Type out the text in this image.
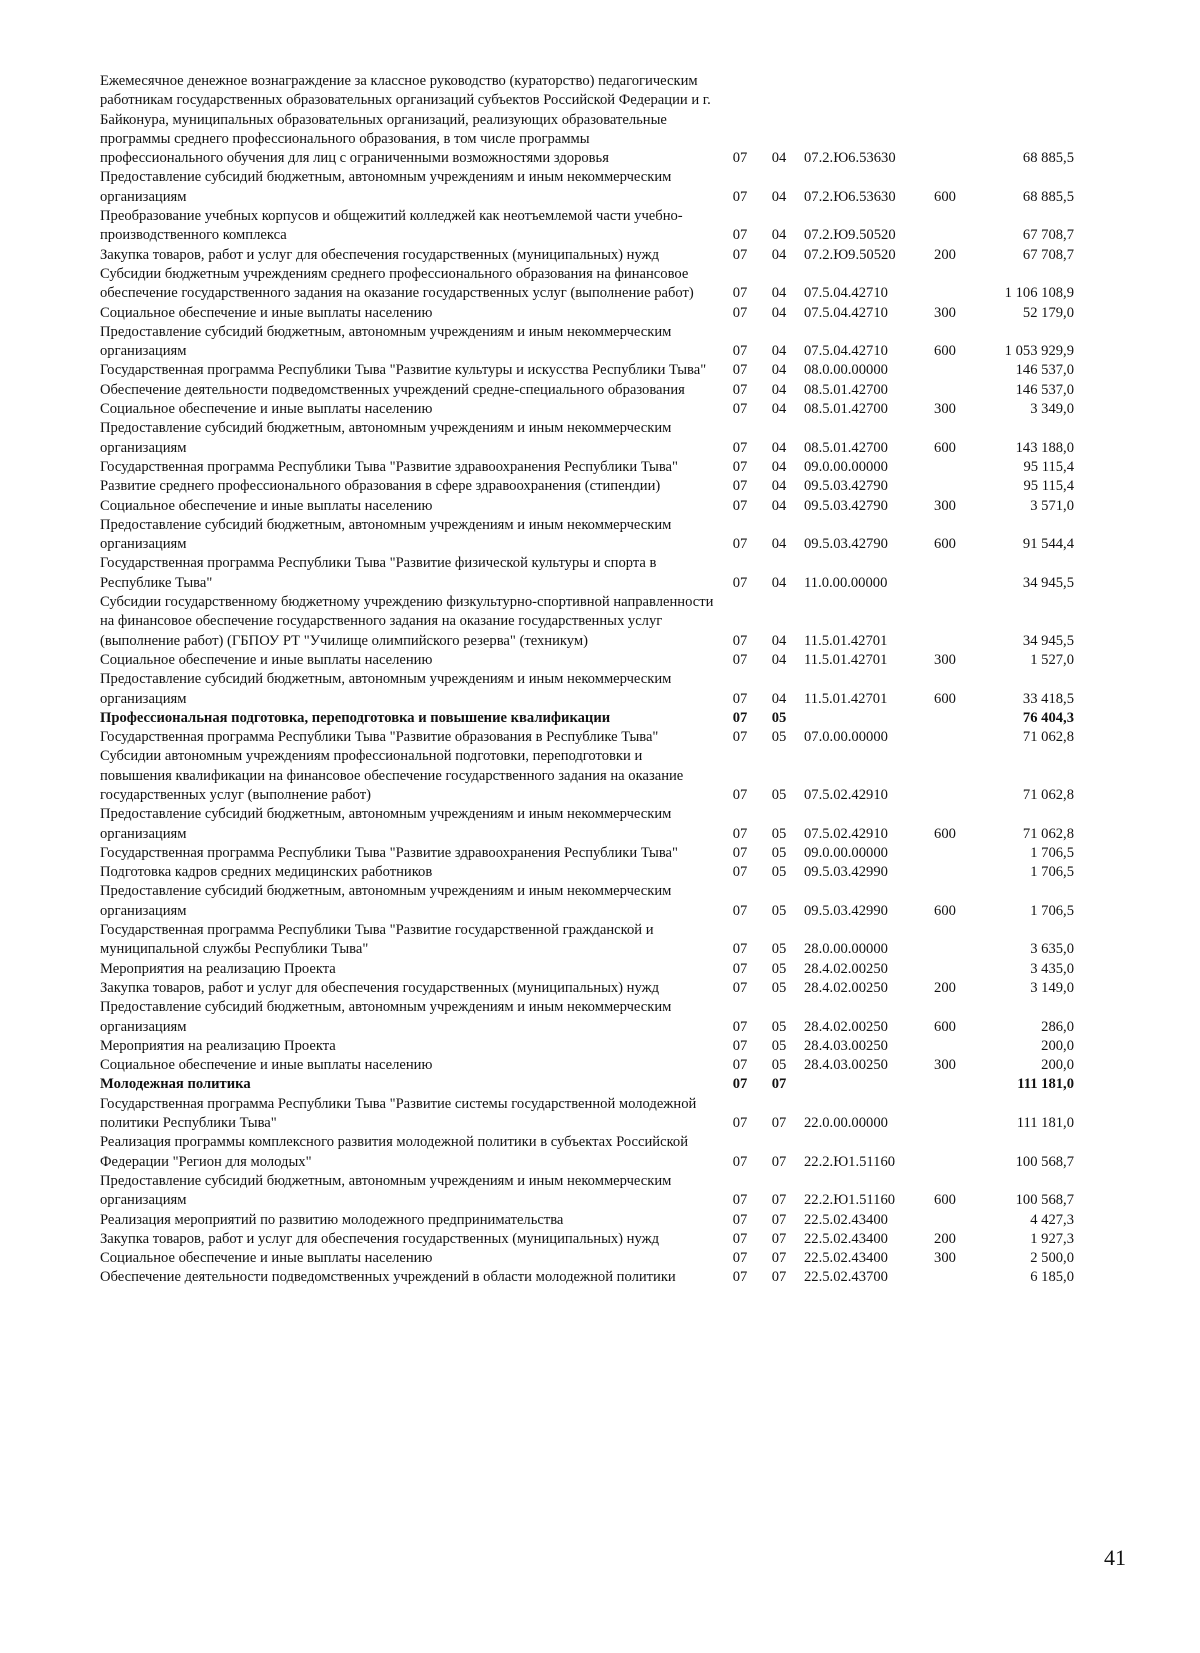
Ежемесячное денежное вознаграждение за классное руководство (кураторство) педагогическим работникам государственных образовательных организаций субъектов Российской Федерации и г. Байконура, муниципальных образовательных организаций, реализующих образовательные программы среднего профессионального образования, в том числе программы профессионального обучения для лиц с ограниченными возможностями здоровья	07	04	07.2.Ю6.53630		68 885,5
Предоставление субсидий бюджетным, автономным учреждениям и иным некоммерческим организациям	07	04	07.2.Ю6.53630	600	68 885,5
Преобразование учебных корпусов и общежитий колледжей как неотъемлемой части учебно-производственного комплекса	07	04	07.2.Ю9.50520		67 708,7
Закупка товаров, работ и услуг для обеспечения государственных (муниципальных) нужд	07	04	07.2.Ю9.50520	200	67 708,7
Субсидии бюджетным учреждениям среднего профессионального образования на финансовое обеспечение государственного задания на оказание государственных услуг (выполнение работ)	07	04	07.5.04.42710		1 106 108,9
Социальное обеспечение и иные выплаты населению	07	04	07.5.04.42710	300	52 179,0
Предоставление субсидий бюджетным, автономным учреждениям и иным некоммерческим организациям	07	04	07.5.04.42710	600	1 053 929,9
Государственная программа Республики Тыва "Развитие культуры и искусства Республики Тыва"	07	04	08.0.00.00000		146 537,0
Обеспечение деятельности подведомственных учреждений средне-специального образования	07	04	08.5.01.42700		146 537,0
Социальное обеспечение и иные выплаты населению	07	04	08.5.01.42700	300	3 349,0
Предоставление субсидий бюджетным, автономным учреждениям и иным некоммерческим организациям	07	04	08.5.01.42700	600	143 188,0
Государственная программа Республики Тыва "Развитие здравоохранения Республики Тыва"	07	04	09.0.00.00000		95 115,4
Развитие среднего профессионального образования в сфере здравоохранения (стипендии)	07	04	09.5.03.42790		95 115,4
Социальное обеспечение и иные выплаты населению	07	04	09.5.03.42790	300	3 571,0
Предоставление субсидий бюджетным, автономным учреждениям и иным некоммерческим организациям	07	04	09.5.03.42790	600	91 544,4
Государственная программа Республики Тыва "Развитие физической культуры и спорта в Республике Тыва"	07	04	11.0.00.00000		34 945,5
Субсидии государственному бюджетному учреждению физкультурно-спортивной направленности на финансовое обеспечение государственного задания на оказание государственных услуг (выполнение работ) (ГБПОУ РТ "Училище олимпийского резерва" (техникум)	07	04	11.5.01.42701		34 945,5
Социальное обеспечение и иные выплаты населению	07	04	11.5.01.42701	300	1 527,0
Предоставление субсидий бюджетным, автономным учреждениям и иным некоммерческим организациям	07	04	11.5.01.42701	600	33 418,5
Профессиональная подготовка, переподготовка и повышение квалификации	07	05			76 404,3
Государственная программа Республики Тыва "Развитие образования в Республике Тыва"	07	05	07.0.00.00000		71 062,8
Субсидии автономным учреждениям профессиональной подготовки, переподготовки и повышения квалификации на финансовое обеспечение государственного задания на оказание государственных услуг (выполнение работ)	07	05	07.5.02.42910		71 062,8
Предоставление субсидий бюджетным, автономным учреждениям и иным некоммерческим организациям	07	05	07.5.02.42910	600	71 062,8
Государственная программа Республики Тыва "Развитие здравоохранения Республики Тыва"	07	05	09.0.00.00000		1 706,5
Подготовка кадров средних медицинских работников	07	05	09.5.03.42990		1 706,5
Предоставление субсидий бюджетным, автономным учреждениям и иным некоммерческим организациям	07	05	09.5.03.42990	600	1 706,5
Государственная программа Республики Тыва "Развитие государственной гражданской и муниципальной службы Республики Тыва"	07	05	28.0.00.00000		3 635,0
Мероприятия на реализацию Проекта	07	05	28.4.02.00250		3 435,0
Закупка товаров, работ и услуг для обеспечения государственных (муниципальных) нужд	07	05	28.4.02.00250	200	3 149,0
Предоставление субсидий бюджетным, автономным учреждениям и иным некоммерческим организациям	07	05	28.4.02.00250	600	286,0
Мероприятия на реализацию Проекта	07	05	28.4.03.00250		200,0
Социальное обеспечение и иные выплаты населению	07	05	28.4.03.00250	300	200,0
Молодежная политика	07	07			111 181,0
Государственная программа Республики Тыва "Развитие системы государственной молодежной политики Республики Тыва"	07	07	22.0.00.00000		111 181,0
Реализация программы комплексного развития молодежной политики в субъектах Российской Федерации "Регион для молодых"	07	07	22.2.Ю1.51160		100 568,7
Предоставление субсидий бюджетным, автономным учреждениям и иным некоммерческим организациям	07	07	22.2.Ю1.51160	600	100 568,7
Реализация мероприятий по развитию молодежного предпринимательства	07	07	22.5.02.43400		4 427,3
Закупка товаров, работ и услуг для обеспечения государственных (муниципальных) нужд	07	07	22.5.02.43400	200	1 927,3
Социальное обеспечение и иные выплаты населению	07	07	22.5.02.43400	300	2 500,0
Обеспечение деятельности подведомственных учреждений в области молодежной политики	07	07	22.5.02.43700		6 185,0
41
